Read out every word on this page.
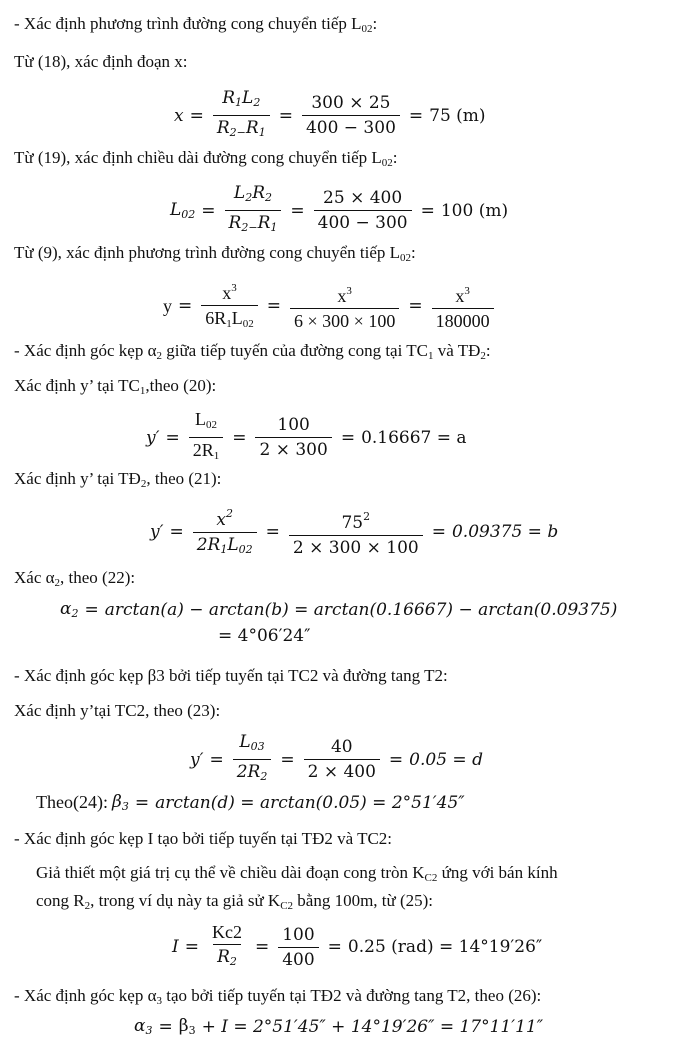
- Xác định phương trình đường cong chuyển tiếp $L_{02}$:
Từ (18), xác định đoạn x:
$x = \frac{R_1L_2}{R_{2-}R_1} = \frac{300 \times 25}{400 - 300} = 75$ (m)
Từ (19), xác định chiều dài đường cong chuyển tiếp $L_{02}$:
$L_{02} = \frac{L_2R_2}{R_{2-}R_1} = \frac{25 \times 400}{400 - 300} = 100$ (m)
Từ (9), xác định phương trình đường cong chuyển tiếp $L_{02}$:
$y = \frac{x^3}{6R_1L_{02}} = \frac{x^3}{6 \times 300 \times 100} = \frac{x^3}{180000}$
- Xác định góc kẹp $\alpha_2$ giữa tiếp tuyến của đường cong tại $TC_1$ và $TĐ_2$:
Xác định y’ tại $TC_1,theo$ (20):
$y' = \frac{L_{02}}{2R_1} = \frac{100}{2 \times 300} = 0.16667 = a$
Xác định y’ tại $TĐ_2$, theo (21):
$y' = \frac{x^2}{2R_1L_{02}} = \frac{75^2}{2 \times 300 \times 100} = 0.09375 = b$
Xác $\alpha_2$, theo (22):
$\alpha_2 = \arctan(a) - \arctan(b) = \arctan(0.16667) - \arctan(0.09375)$
= 4°06′24″
- Xác định góc kẹp β3 bởi tiếp tuyến tại TC2 và đường tang T2:
Xác định y’tại TC2, theo (23):
$y' = \frac{L_{03}}{2R_2} = \frac{40}{2 \times 400} = 0.05 = d$
Theo(24): $\beta_3 = \arctan(d) = \arctan(0.05) = 2^\circ 51'45''$
- Xác định góc kẹp I tạo bởi tiếp tuyến tại TĐ2 và TC2:
Giả thiết một giá trị cụ thể về chiều dài đoạn cong tròn $K_{C2}$ ứng với bán kính
cong $R_2$, trong ví dụ này ta giả sử $K_{C2}$ bằng 100m, từ (25):
$I = \frac{Kc2}{R_2} = \frac{100}{400} = 0.25$ (rad) = 14°19′26″
- Xác định góc kẹp $\alpha_3$ tạo bởi tiếp tuyến tại TĐ2 và đường tang T2, theo (26):
$\alpha_3 = \beta_3 + I = 2^\circ 51'45'' + 14^\circ 19'26'' = 17^\circ 11'11''$
